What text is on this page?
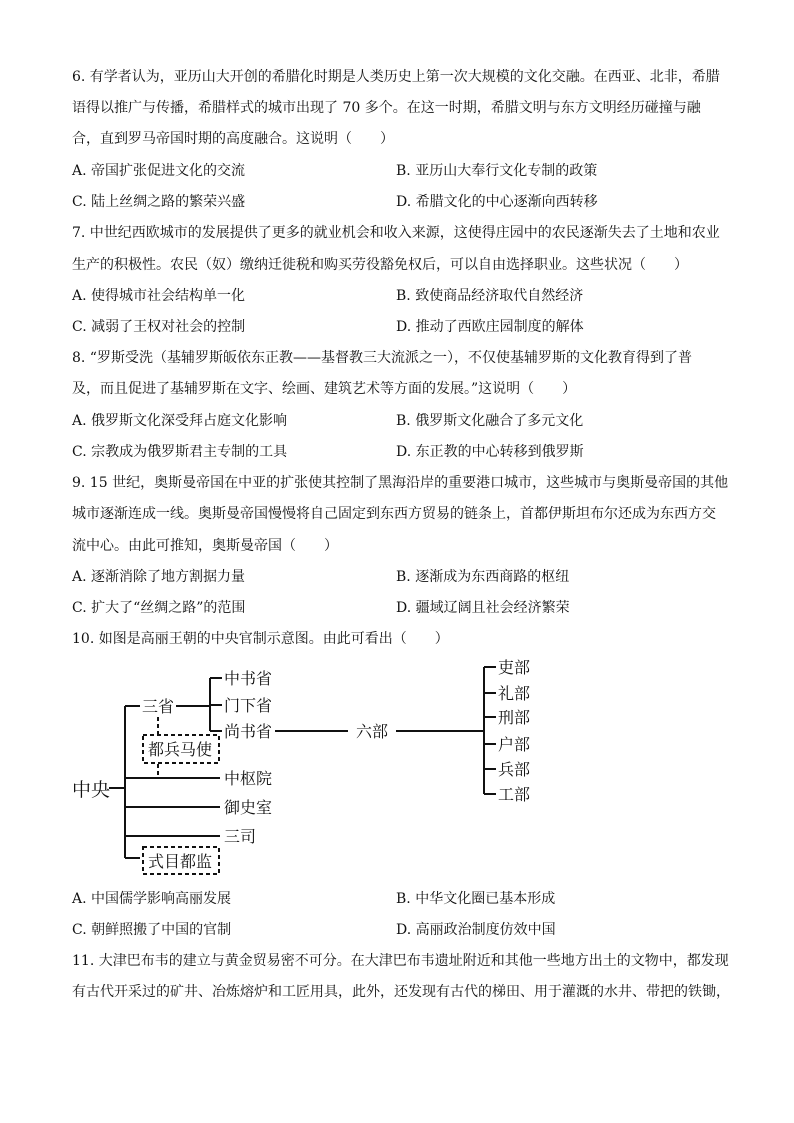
6. 有学者认为，亚历山大开创的希腊化时期是人类历史上第一次大规模的文化交融。在西亚、北非，希腊
语得以推广与传播，希腊样式的城市出现了 70 多个。在这一时期，希腊文明与东方文明经历碰撞与融
合，直到罗马帝国时期的高度融合。这说明（　　）
A. 帝国扩张促进文化的交流	B. 亚历山大奉行文化专制的政策
C. 陆上丝绸之路的繁荣兴盛	D. 希腊文化的中心逐渐向西转移
7. 中世纪西欧城市的发展提供了更多的就业机会和收入来源，这使得庄园中的农民逐渐失去了土地和农业
生产的积极性。农民（奴）缴纳迁徙税和购买劳役豁免权后，可以自由选择职业。这些状况（　　）
A. 使得城市社会结构单一化	B. 致使商品经济取代自然经济
C. 减弱了王权对社会的控制	D. 推动了西欧庄园制度的解体
8. “罗斯受洗（基辅罗斯皈依东正教——基督教三大流派之一），不仅使基辅罗斯的文化教育得到了普
及，而且促进了基辅罗斯在文字、绘画、建筑艺术等方面的发展。”这说明（　　）
A. 俄罗斯文化深受拜占庭文化影响	B. 俄罗斯文化融合了多元文化
C. 宗教成为俄罗斯君主专制的工具	D. 东正教的中心转移到俄罗斯
9. 15 世纪，奥斯曼帝国在中亚的扩张使其控制了黑海沿岸的重要港口城市，这些城市与奥斯曼帝国的其他
城市逐渐连成一线。奥斯曼帝国慢慢将自己固定到东西方贸易的链条上，首都伊斯坦布尔还成为东西方交
流中心。由此可推知，奥斯曼帝国（　　）
A. 逐渐消除了地方割据力量	B. 逐渐成为东西商路的枢纽
C. 扩大了“丝绸之路”的范围	D. 疆域辽阔且社会经济繁荣
10. 如图是高丽王朝的中央官制示意图。由此可看出（　　）
中央
三省
中书省
门下省
尚书省	六部
吏部
礼部
刑部
户部
兵部
工部
都兵马使
中枢院
御史室
三司
式目都监
A. 中国儒学影响高丽发展	B. 中华文化圈已基本形成
C. 朝鲜照搬了中国的官制	D. 高丽政治制度仿效中国
11. 大津巴布韦的建立与黄金贸易密不可分。在大津巴布韦遗址附近和其他一些地方出土的文物中，都发现
有古代开采过的矿井、冶炼熔炉和工匠用具，此外，还发现有古代的梯田、用于灌溉的水井、带把的铁锄，
